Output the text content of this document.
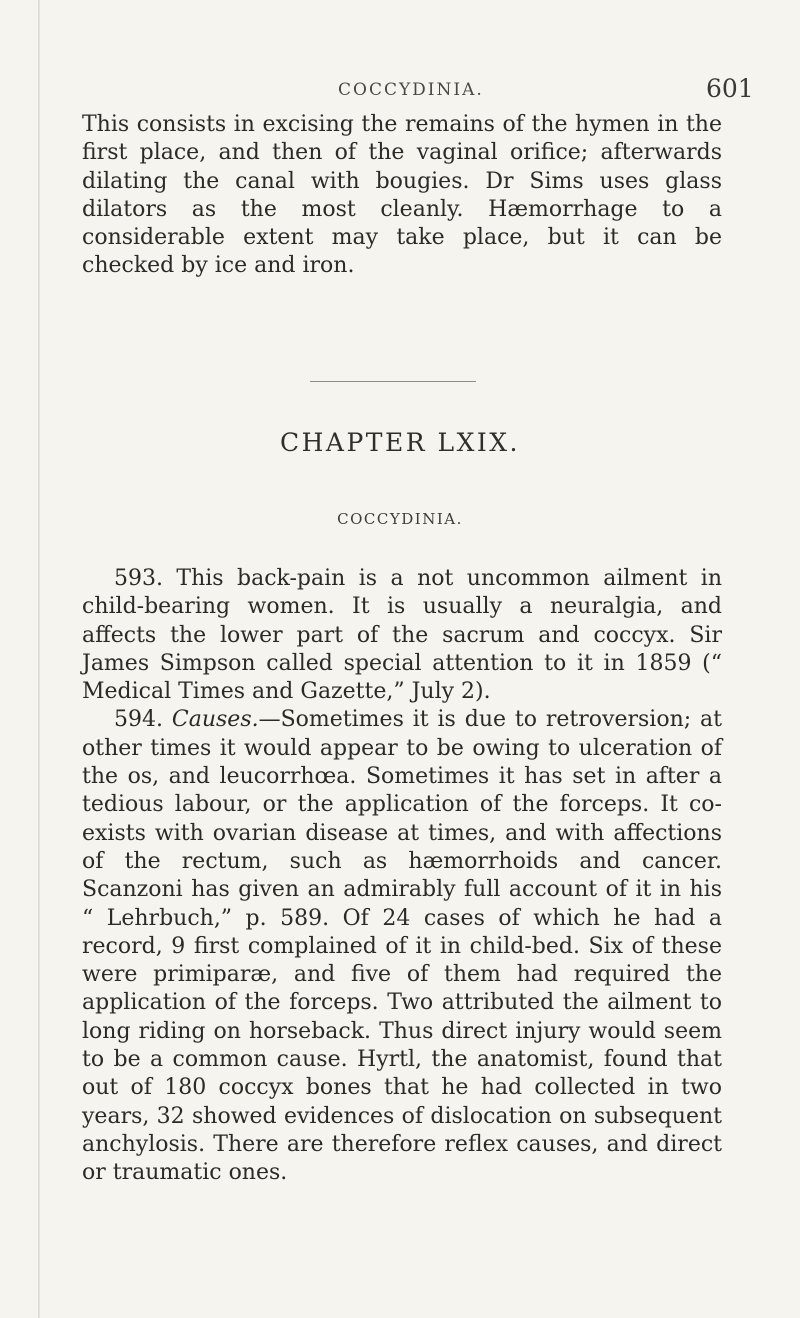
COCCYDINIA.	601

This consists in excising the remains of the hymen in the first place, and then of the vaginal orifice; afterwards dilating the canal with bougies. Dr Sims uses glass dilators as the most cleanly. Hæmorrhage to a considerable extent may take place, but it can be checked by ice and iron.

CHAPTER LXIX.
COCCYDINIA.

593. This back-pain is a not uncommon ailment in child-bearing women. It is usually a neuralgia, and affects the lower part of the sacrum and coccyx. Sir James Simpson called special attention to it in 1859 (“ Medical Times and Gazette,” July 2).

594. Causes.—Sometimes it is due to retroversion; at other times it would appear to be owing to ulceration of the os, and leucorrhœa. Sometimes it has set in after a tedious labour, or the application of the forceps. It co-exists with ovarian disease at times, and with affections of the rectum, such as hæmorrhoids and cancer. Scanzoni has given an admirably full account of it in his “ Lehrbuch,” p. 589. Of 24 cases of which he had a record, 9 first complained of it in child-bed. Six of these were primiparæ, and five of them had required the application of the forceps. Two attributed the ailment to long riding on horseback. Thus direct injury would seem to be a common cause. Hyrtl, the anatomist, found that out of 180 coccyx bones that he had collected in two years, 32 showed evidences of dislocation on subsequent anchylosis. There are therefore reflex causes, and direct or traumatic ones.
